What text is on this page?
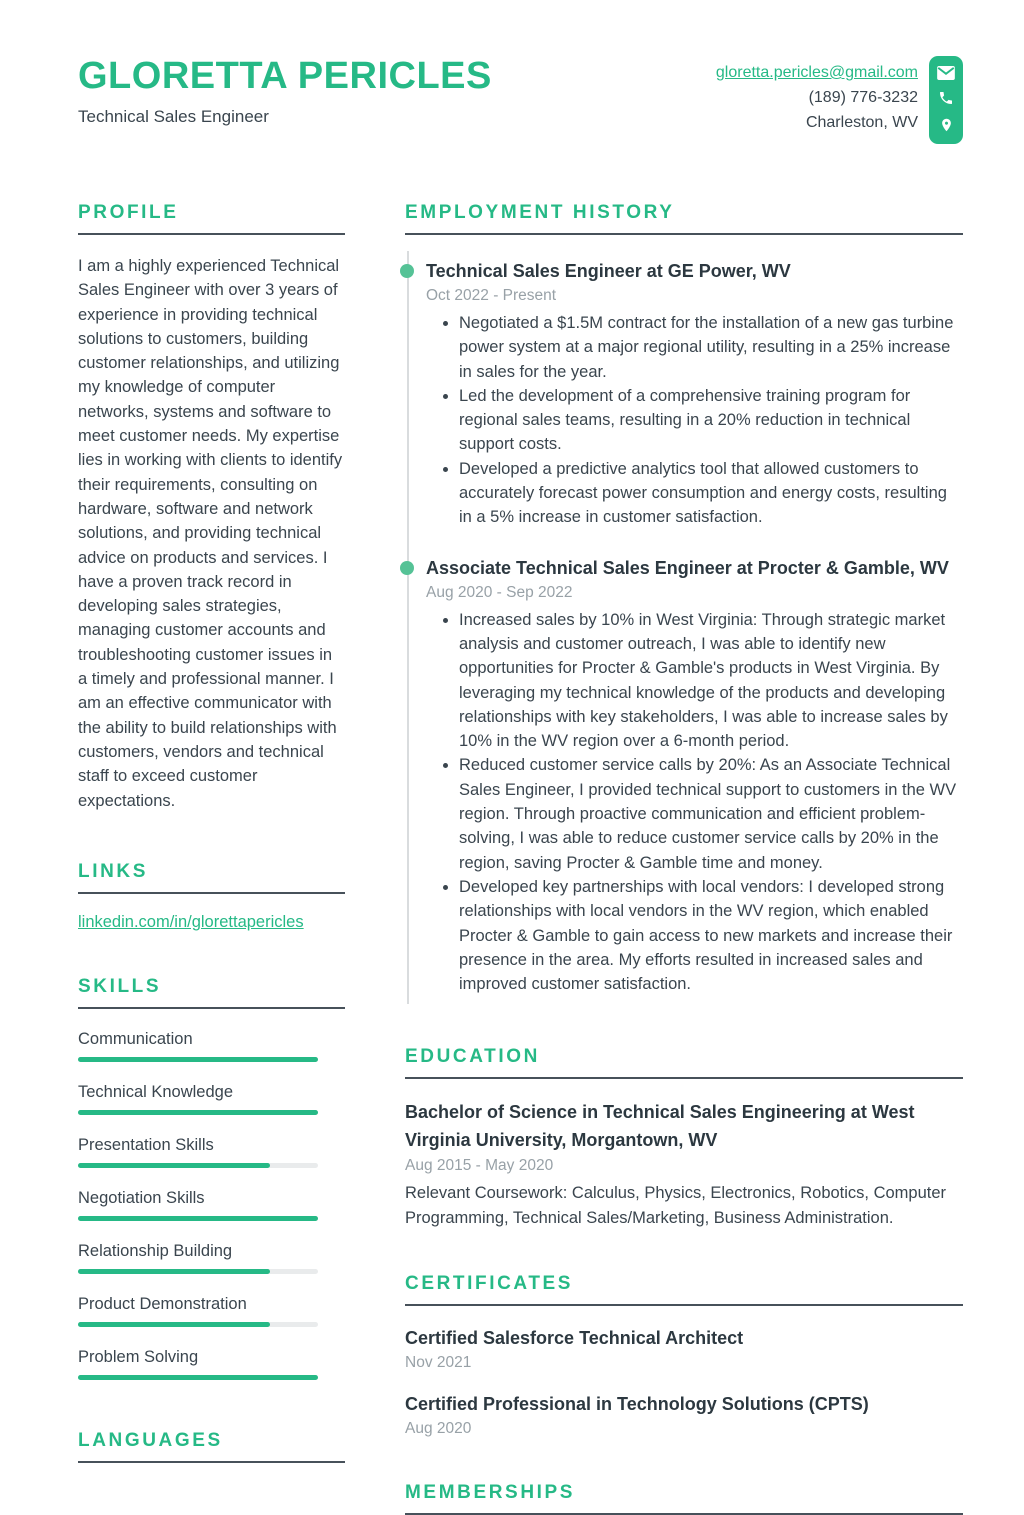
GLORETTA PERICLES
Technical Sales Engineer
gloretta.pericles@gmail.com
(189) 776-3232
Charleston, WV
PROFILE

I am a highly experienced Technical Sales Engineer with over 3 years of experience in providing technical solutions to customers, building customer relationships, and utilizing my knowledge of computer networks, systems and software to meet customer needs. My expertise lies in working with clients to identify their requirements, consulting on hardware, software and network solutions, and providing technical advice on products and services. I have a proven track record in developing sales strategies, managing customer accounts and troubleshooting customer issues in a timely and professional manner. I am an effective communicator with the ability to build relationships with customers, vendors and technical staff to exceed customer expectations.

LINKS
linkedin.com/in/glorettapericles
SKILLS
Communication
Technical Knowledge
Presentation Skills
Negotiation Skills
Relationship Building
Product Demonstration
Problem Solving
LANGUAGES
EMPLOYMENT HISTORY
Technical Sales Engineer at GE Power, WV
Oct 2022 - Present
• Negotiated a $1.5M contract for the installation of a new gas turbine power system at a major regional utility, resulting in a 25% increase in sales for the year.
• Led the development of a comprehensive training program for regional sales teams, resulting in a 20% reduction in technical support costs.
• Developed a predictive analytics tool that allowed customers to accurately forecast power consumption and energy costs, resulting in a 5% increase in customer satisfaction.
Associate Technical Sales Engineer at Procter & Gamble, WV
Aug 2020 - Sep 2022
• Increased sales by 10% in West Virginia: Through strategic market analysis and customer outreach, I was able to identify new opportunities for Procter & Gamble's products in West Virginia. By leveraging my technical knowledge of the products and developing relationships with key stakeholders, I was able to increase sales by 10% in the WV region over a 6-month period.
• Reduced customer service calls by 20%: As an Associate Technical Sales Engineer, I provided technical support to customers in the WV region. Through proactive communication and efficient problem-solving, I was able to reduce customer service calls by 20% in the region, saving Procter & Gamble time and money.
• Developed key partnerships with local vendors: I developed strong relationships with local vendors in the WV region, which enabled Procter & Gamble to gain access to new markets and increase their presence in the area. My efforts resulted in increased sales and improved customer satisfaction.
EDUCATION
Bachelor of Science in Technical Sales Engineering at West Virginia University, Morgantown, WV
Aug 2015 - May 2020
Relevant Coursework: Calculus, Physics, Electronics, Robotics, Computer Programming, Technical Sales/Marketing, Business Administration.
CERTIFICATES
Certified Salesforce Technical Architect
Nov 2021
Certified Professional in Technology Solutions (CPTS)
Aug 2020
MEMBERSHIPS
